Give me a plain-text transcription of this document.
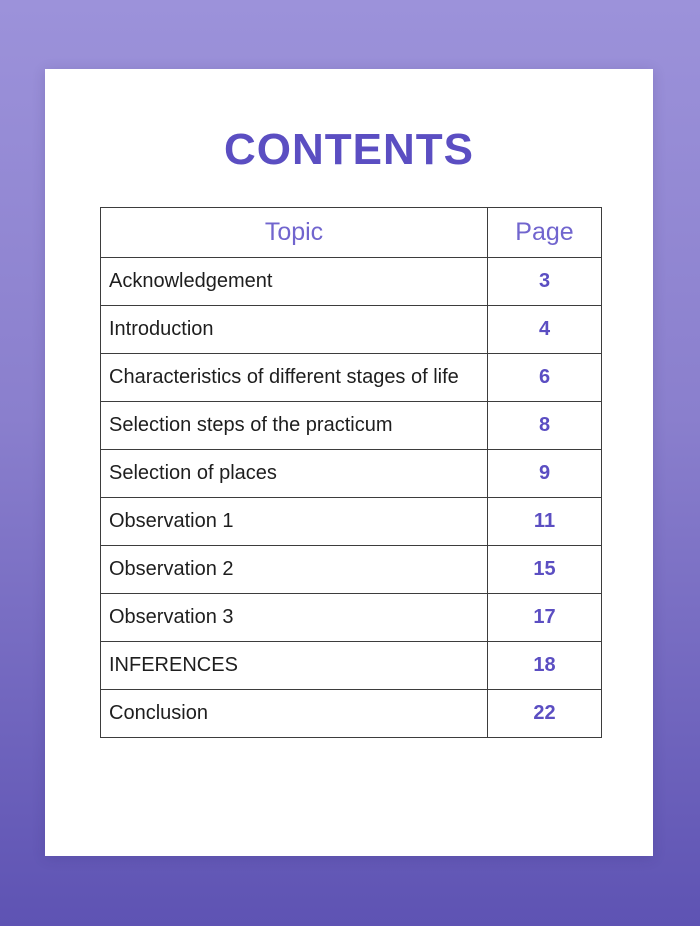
CONTENTS
Topic	Page
Acknowledgement	3
Introduction	4
Characteristics of different stages of life	6
Selection steps of the practicum	8
Selection of places	9
Observation 1	11
Observation 2	15
Observation 3	17
INFERENCES	18
Conclusion	22
